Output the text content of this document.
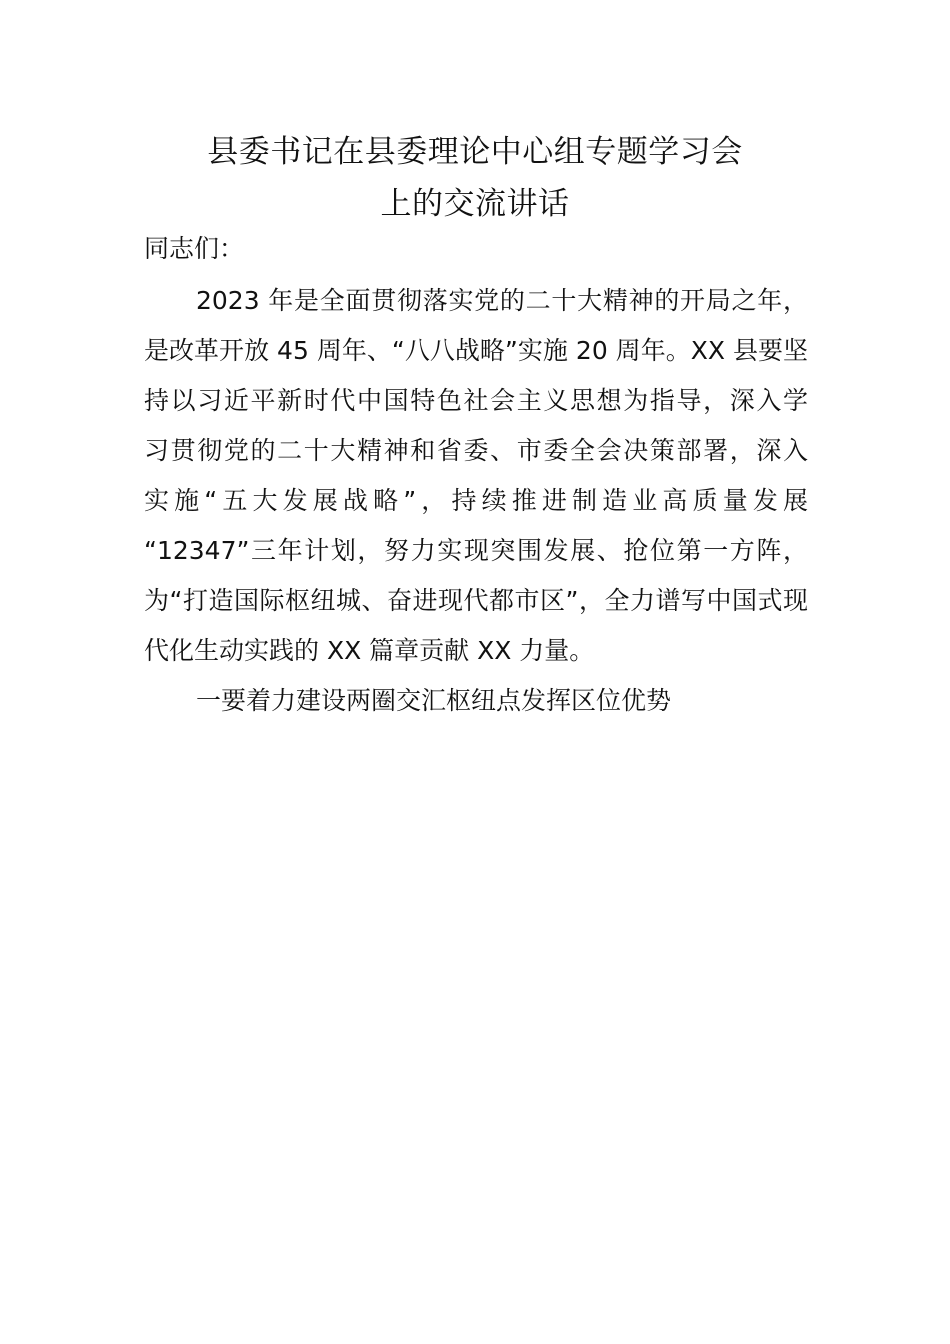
县委书记在县委理论中心组专题学习会
上的交流讲话
同志们：
2023 年是全面贯彻落实党的二十大精神的开局之年，
是改革开放 45 周年、“八八战略”实施 20 周年。XX 县要坚
持以习近平新时代中国特色社会主义思想为指导，深入学
习贯彻党的二十大精神和省委、市委全会决策部署，深入
实施“五大发展战略”，持续推进制造业高质量发展
“12347”三年计划，努力实现突围发展、抢位第一方阵，
为“打造国际枢纽城、奋进现代都市区”，全力谱写中国式现
代化生动实践的 XX 篇章贡献 XX 力量。
一要着力建设两圈交汇枢纽点发挥区位优势
